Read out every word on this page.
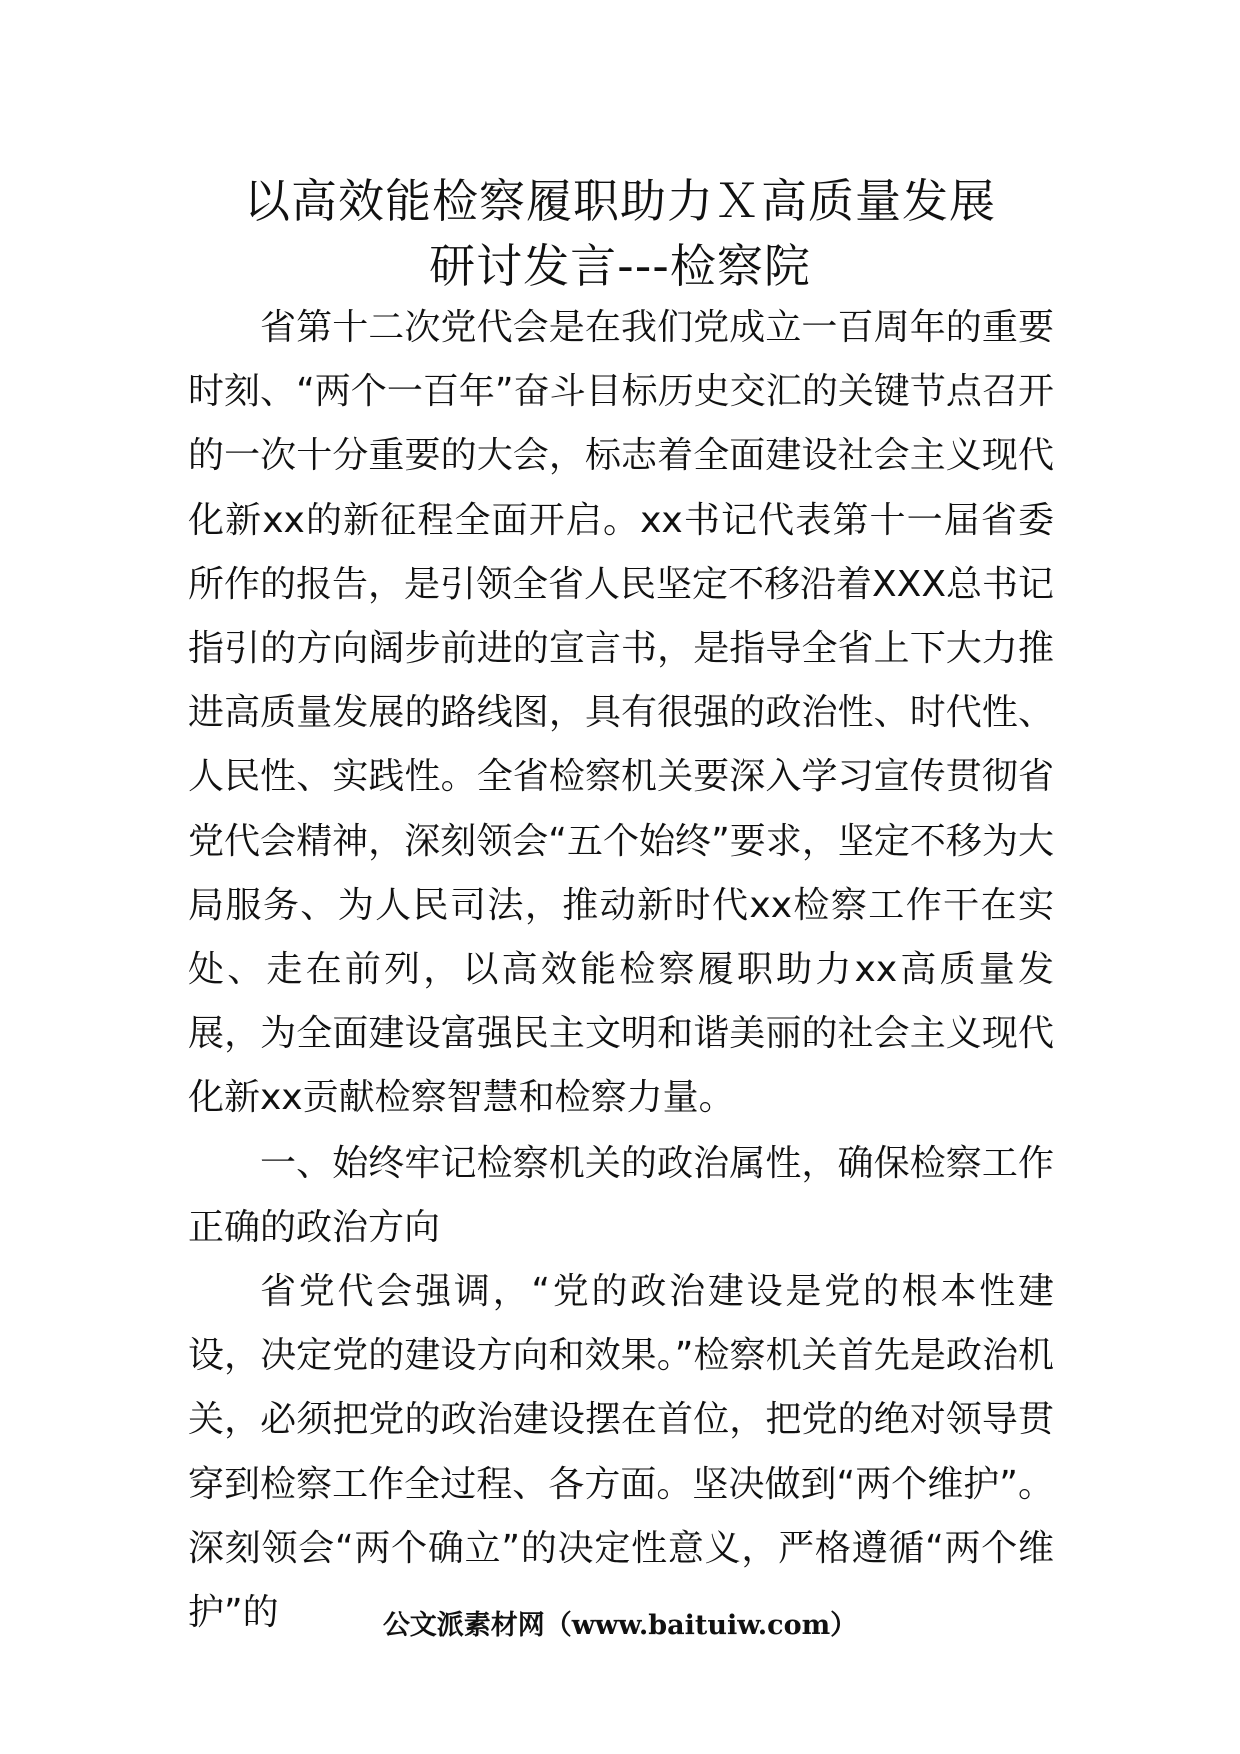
以高效能检察履职助力Ｘ高质量发展
研讨发言---检察院

省第十二次党代会是在我们党成立一百周年的重要时刻、“两个一百年”奋斗目标历史交汇的关键节点召开的一次十分重要的大会，标志着全面建设社会主义现代化新xx的新征程全面开启。xx书记代表第十一届省委所作的报告，是引领全省人民坚定不移沿着XXX总书记指引的方向阔步前进的宣言书，是指导全省上下大力推进高质量发展的路线图，具有很强的政治性、时代性、人民性、实践性。全省检察机关要深入学习宣传贯彻省党代会精神，深刻领会“五个始终”要求，坚定不移为大局服务、为人民司法，推动新时代xx检察工作干在实处、走在前列，以高效能检察履职助力xx高质量发展，为全面建设富强民主文明和谐美丽的社会主义现代化新xx贡献检察智慧和检察力量。

一、始终牢记检察机关的政治属性，确保检察工作正确的政治方向

省党代会强调，“党的政治建设是党的根本性建设，决定党的建设方向和效果。”检察机关首先是政治机关，必须把党的政治建设摆在首位，把党的绝对领导贯穿到检察工作全过程、各方面。坚决做到“两个维护”。深刻领会“两个确立”的决定性意义，严格遵循“两个维护”的	公文派素材网（www.baituiw.com）
